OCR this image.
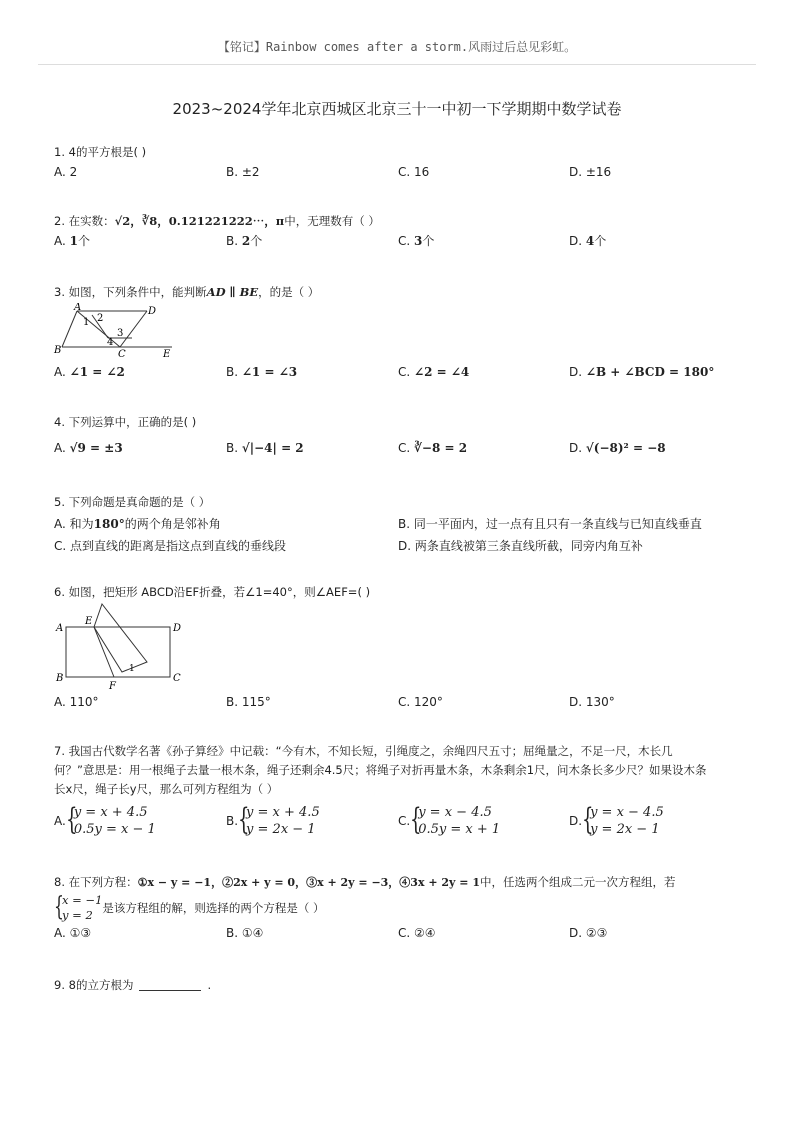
【铭记】Rainbow comes after a storm.风雨过后总见彩虹。
2023~2024学年北京西城区北京三十一中初一下学期期中数学试卷
1. 4的平方根是( )
A. 2	B. ±2	C. 16	D. ±16
2. 在实数：√2，∛8，0.121221222⋯，π中，无理数有（ ）
A. 1个	B. 2个	C. 3个	D. 4个
3. 如图，下列条件中，能判断AD ∥ BE，的是（ ）
A	D
B	C	E
1 2
3
4
A. ∠1 = ∠2	B. ∠1 = ∠3	C. ∠2 = ∠4	D. ∠B + ∠BCD = 180°
4. 下列运算中，正确的是( )
A. √9 = ±3	B. √|−4| = 2	C. ∛−8 = 2	D. √(−8)² = −8
5. 下列命题是真命题的是（ ）
A. 和为180°的两个角是邻补角	B. 同一平面内，过一点有且只有一条直线与已知直线垂直
C. 点到直线的距离是指这点到直线的垂线段	D. 两条直线被第三条直线所截，同旁内角互补
6. 如图，把矩形 ABCD沿EF折叠，若∠1=40°，则∠AEF=( )
A	D
B	C
E
F
1
A. 110°	B. 115°	C. 120°	D. 130°
7. 我国古代数学名著《孙子算经》中记载：“今有木，不知长短，引绳度之，余绳四尺五寸；屈绳量之，不足一尺，木长几
何？”意思是：用一根绳子去量一根木条，绳子还剩余4.5尺；将绳子对折再量木条，木条剩余1尺，问木条长多少尺？如果设木条
长x尺，绳子长y尺，那么可列方程组为（ ）
A. {
y = x + 4.5
0.5y = x − 1
B. {
y = x + 4.5
y = 2x − 1
C. {
y = x − 4.5
0.5y = x + 1
D. {
y = x − 4.5
y = 2x − 1
8. 在下列方程：①x − y = −1，②2x + y = 0，③x + 2y = −3，④3x + 2y = 1中，任选两个组成二元一次方程组，若
{
x = −1
y = 2 是该方程组的解，则选择的两个方程是（ ）
A. ①③	B. ①④	C. ②④	D. ②③
9. 8的立方根为	.
